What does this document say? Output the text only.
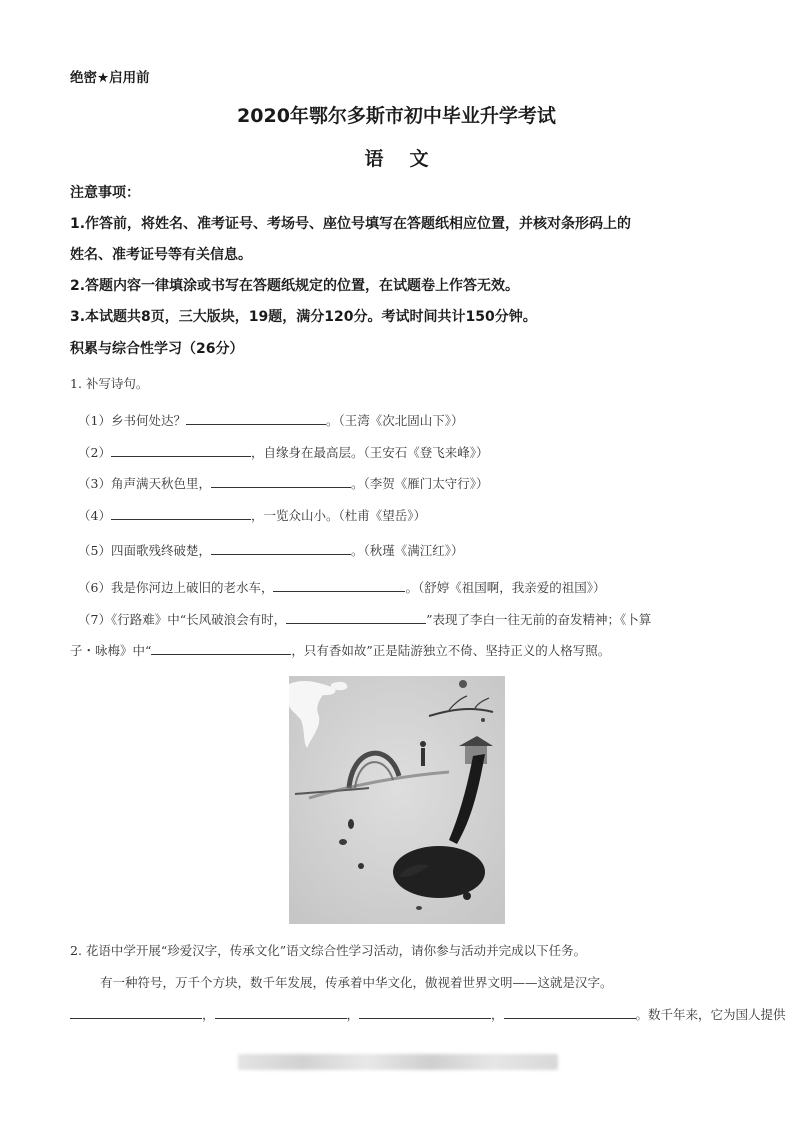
绝密★启用前
2020年鄂尔多斯市初中毕业升学考试
语文
注意事项：
1.作答前，将姓名、准考证号、考场号、座位号填写在答题纸相应位置，并核对条形码上的
姓名、准考证号等有关信息。
2.答题内容一律填涂或书写在答题纸规定的位置，在试题卷上作答无效。
3.本试题共8页，三大版块，19题，满分120分。考试时间共计150分钟。
积累与综合性学习（26分）
1. 补写诗句。
（1）乡书何处达？	。（王湾《次北固山下》）
（2）	，自缘身在最高层。（王安石《登飞来峰》）
（3）角声满天秋色里，	。（李贺《雁门太守行》）
（4）	，一览众山小。（杜甫《望岳》）
（5）四面歌残终破楚，	。（秋瑾《满江红》）
（6）我是你河边上破旧的老水车，	。（舒婷《祖国啊，我亲爱的祖国》）
（7）《行路难》中“长风破浪会有时，	”表现了李白一往无前的奋发精神；《卜算
子・咏梅》中“	，只有香如故”正是陆游独立不倚、坚持正义的人格写照。
2. 花语中学开展“珍爱汉字，传承文化”语文综合性学习活动，请你参与活动并完成以下任务。
有一种符号，万千个方块，数千年发展，传承着中华文化，傲视着世界文明——这就是汉字。
，	，	，	。数千年来，它为国人提供
